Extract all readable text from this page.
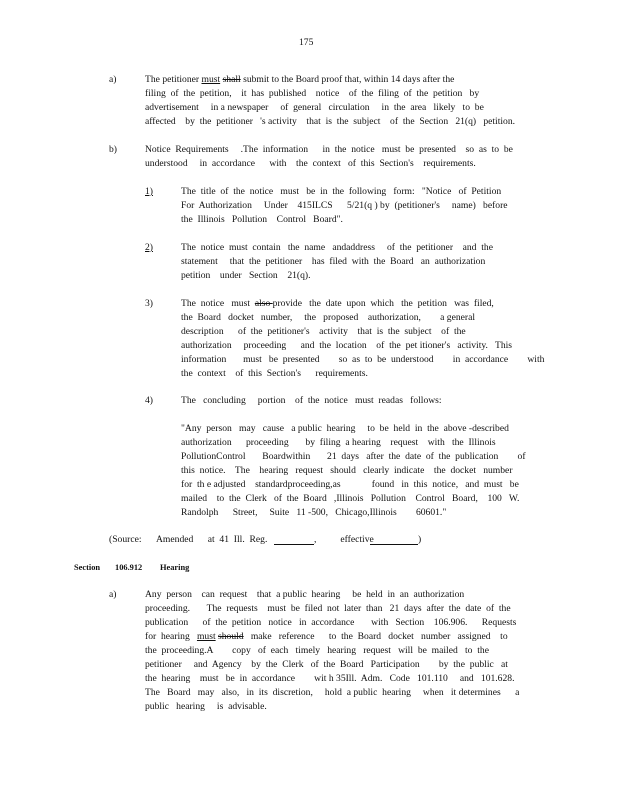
175
a)	The petitioner must shall submit to the Board proof that, within 14 days after the
filing  of  the  petition,    it  has  published    notice    of  the  filing  of  the  petition   by
advertisement     in a newspaper     of  general   circulation     in  the  area   likely   to  be
affected    by  the  petitioner   's activity    that  is  the  subject    of  the  Section   21(q)   petition.
b)	Notice  Requirements     .The  information      in  the  notice   must  be  presented    so  as  to  be
understood     in  accordance      with    the  context   of  this  Section's    requirements.
1)	The  title  of  the  notice   must   be  in  the  following   form:   "Notice   of  Petition
For  Authorization     Under    415ILCS      5/21(q ) by  (petitioner's     name)   before
the  Illinois   Pollution    Control   Board".
2)	The  notice  must  contain   the  name   andaddress     of  the  petitioner    and  the
statement     that  the  petitioner    has  filed  with  the  Board   an  authorization
petition    under   Section    21(q).
3)	The  notice   must  also provide   the  date  upon  which   the  petition   was  filed,
the  Board   docket   number,     the   proposed    authorization,        a general
description      of  the  petitioner's    activity    that  is  the  subject    of  the
authorization     proceeding      and  the  location    of  the  pet itioner's   activity.   This
information       must   be  presented        so  as  to  be  understood        in  accordance        with
the  context    of  this  Section's      requirements.
4)	The   concluding     portion    of  the  notice   must  readas   follows:
"Any  person   may   cause   a public  hearing     to  be  held  in  the  above -described
authorization      proceeding       by  filing  a hearing    request    with   the  Illinois
PollutionControl       Boardwithin       21  days   after  the  date  of  the  publication        of
this  notice.    The    hearing   request   should   clearly  indicate    the  docket   number
for  th e adjusted    standardproceeding,as             found   in  this  notice,   and  must   be
mailed    to  the  Clerk   of  the  Board   ,Illinois   Pollution    Control   Board,    100   W.
Randolph      Street,     Suite   11 -500,   Chicago,Illinois        60601."
(Source: Amended      at  41  Ill.  Reg.	,          effective	)
Section 106.912 Hearing
a)	Any  person    can  request    that  a public  hearing     be  held  in  an  authorization
proceeding.       The  requests    must  be  filed  not  later  than   21  days  after  the  date  of  the
publication      of  the  petition   notice   in  accordance       with   Section    106.906.      Requests
for  hearing   must should   make   reference      to  the  Board   docket   number   assigned    to
the  proceeding.A        copy   of  each   timely   hearing   request   will  be  mailed   to  the
petitioner     and  Agency    by  the  Clerk   of  the  Board   Participation        by  the  public   at
the  hearing    must   be  in  accordance        wit h 35Ill.  Adm.   Code   101.110     and   101.628.
The   Board   may   also,   in  its  discretion,     hold  a public  hearing     when   it determines      a
public   hearing     is  advisable.
